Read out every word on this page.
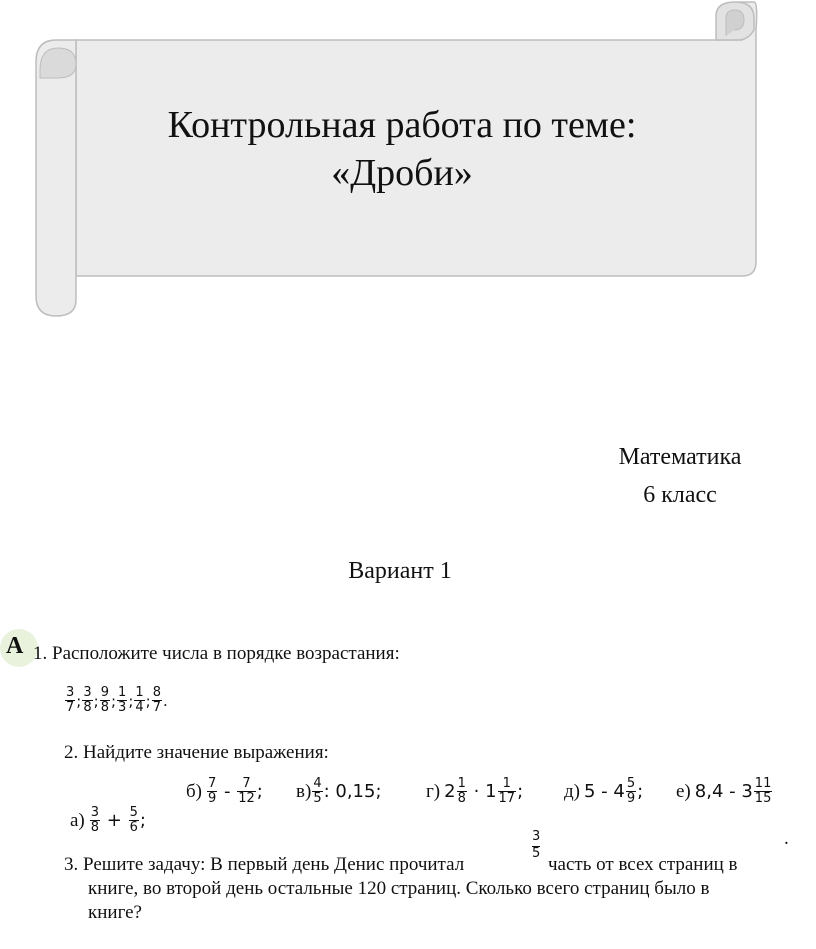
Контрольная работа по теме:
«Дроби»
Математика
6 класс
Вариант 1
А 1. Расположите числа в порядке возрастания:
$\frac{3}{7}$ ; $\frac{3}{8}$ ; $\frac{9}{8}$ ; $\frac{1}{3}$ ; $\frac{1}{4}$ ; $\frac{8}{7}$ .
2. Найдите значение выражения:
б)
$\frac{7}{9}$
-
$\frac{7}{12}$ ; $в) \frac{4}{5}$ : 0,15; г)
$2 \frac{1}{8}$
·
$1 \frac{1}{17}$ ; д)
$5 - 4 \frac{5}{9}$ ; е)
$8,4 - 3 \frac{11}{15}$
а)
$\frac{3}{8}$
+
$\frac{5}{6}$ ;
.
3. Решите задачу: В первый день Денис прочитал
$\frac{3}{5}$
часть от всех страниц в
книге, во второй день остальные 120 страниц. Сколько всего страниц было в
книге?
